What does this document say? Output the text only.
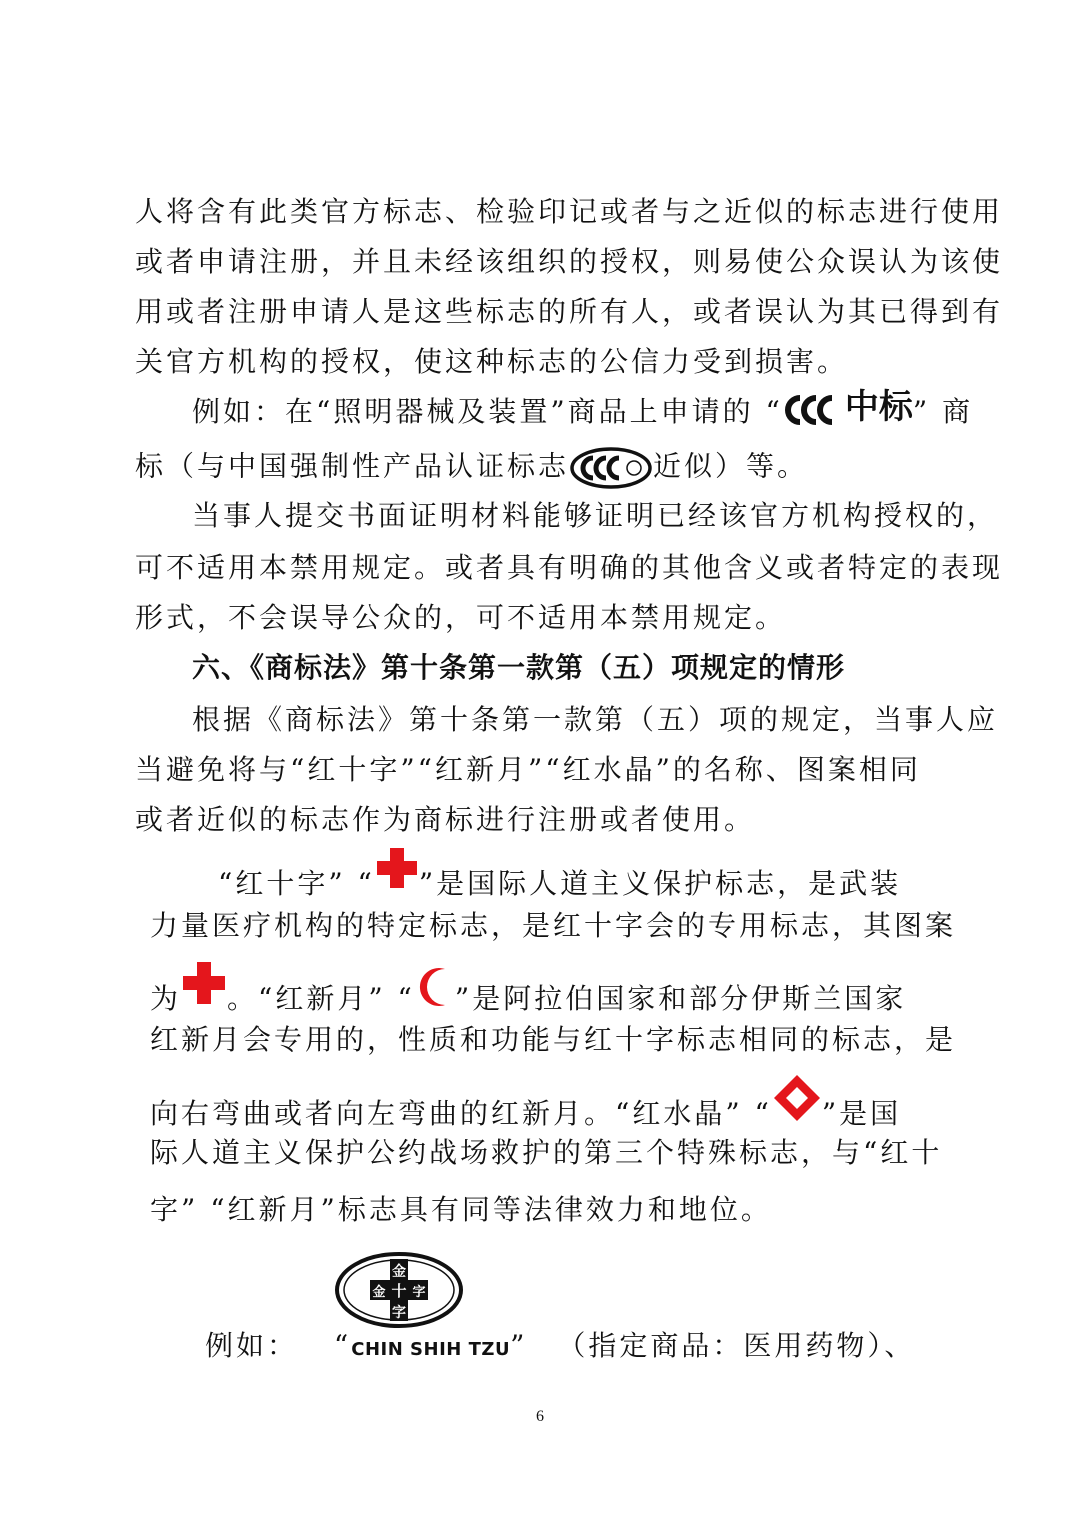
人将含有此类官方标志、检验印记或者与之近似的标志进行使用
或者申请注册，并且未经该组织的授权，则易使公众误认为该使
用或者注册申请人是这些标志的所有人，或者误认为其已得到有
关官方机构的授权，使这种标志的公信力受到损害。
例如：在“照明器械及装置”商品上申请的 “ 中标” 商
标（与中国强制性产品认证标志	近似）等。
当事人提交书面证明材料能够证明已经该官方机构授权的，
可不适用本禁用规定。或者具有明确的其他含义或者特定的表现
形式，不会误导公众的，可不适用本禁用规定。
六、《商标法》第十条第一款第（五）项规定的情形
根据《商标法》第十条第一款第（五）项的规定，当事人应
当避免将与“红十字”“红新月”“红水晶”的名称、图案相同
或者近似的标志作为商标进行注册或者使用。
“红十字” “ ”是国际人道主义保护标志，是武装
力量医疗机构的特定标志，是红十字会的专用标志，其图案
为 。“红新月” “ ”是阿拉伯国家和部分伊斯兰国家
红新月会专用的，性质和功能与红十字标志相同的标志，是
向右弯曲或者向左弯曲的红新月。“红水晶” “ ”是国
际人道主义保护公约战场救护的第三个特殊标志，与“红十
字” “红新月”标志具有同等法律效力和地位。
金
十
字
金 字
例如： “CHIN SHIH TZU” （指定商品：医用药物）、
6
